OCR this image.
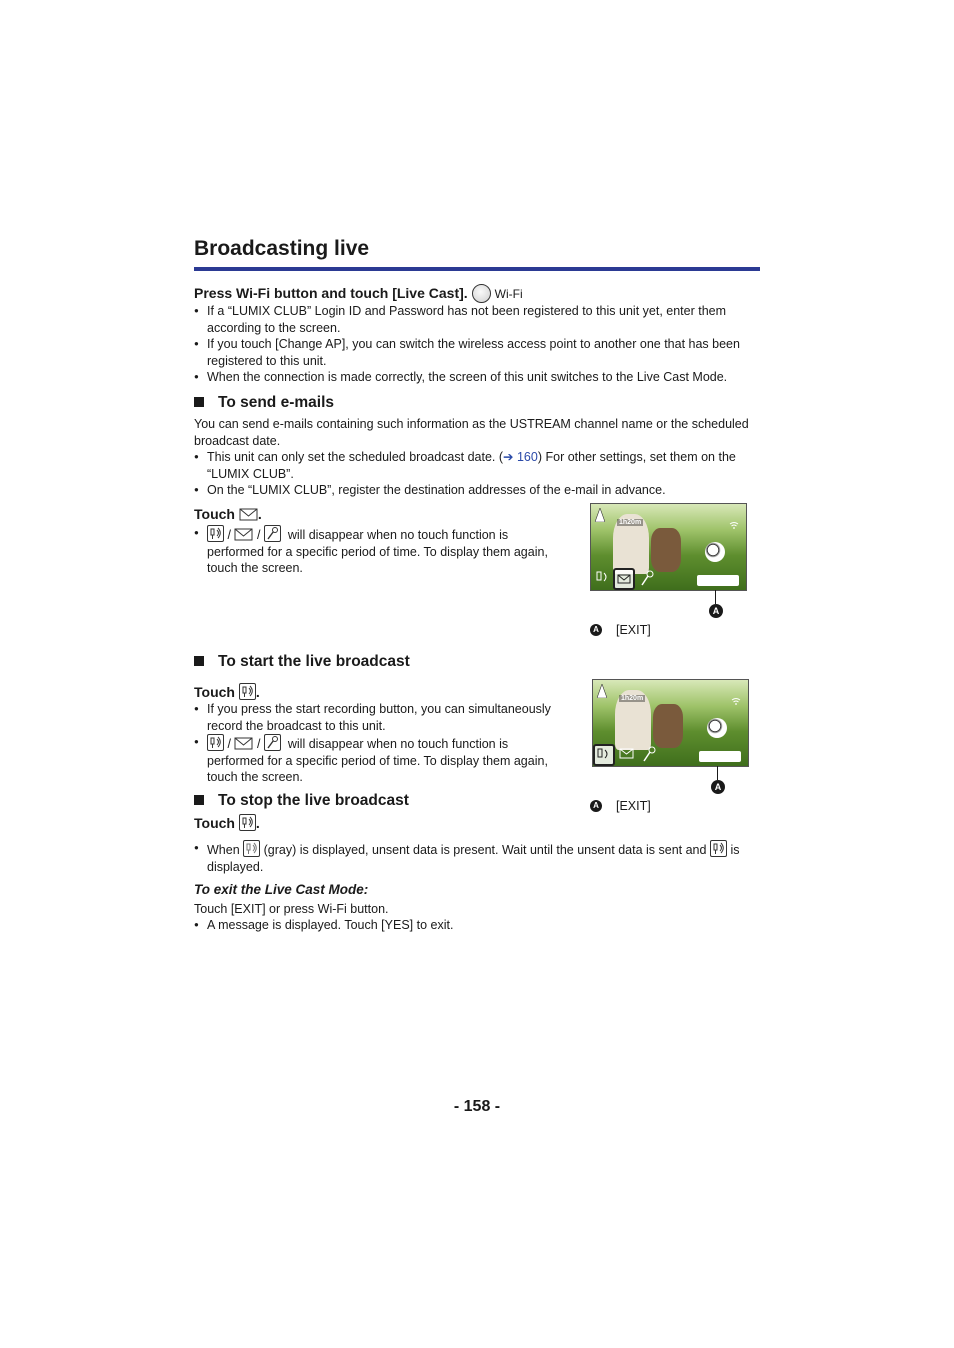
Broadcasting live
Press Wi-Fi button and touch [Live Cast]. Wi-Fi
● If a “LUMIX CLUB” Login ID and Password has not been registered to this unit yet, enter them according to the screen.
● If you touch [Change AP], you can switch the wireless access point to another one that has been registered to this unit.
● When the connection is made correctly, the screen of this unit switches to the Live Cast Mode.
To send e-mails
You can send e-mails containing such information as the USTREAM channel name or the scheduled broadcast date.
● This unit can only set the scheduled broadcast date. (➔ 160) For other settings, set them on the “LUMIX CLUB”.
● On the “LUMIX CLUB”, register the destination addresses of the e-mail in advance.
Touch .
● / / will disappear when no touch function is performed for a specific period of time. To display them again, touch the screen.
1h20m
A
A [EXIT]
To start the live broadcast
Touch .
● If you press the start recording button, you can simultaneously record the broadcast to this unit.
● / / will disappear when no touch function is performed for a specific period of time. To display them again, touch the screen.
1h20m
A
A [EXIT]
To stop the live broadcast
Touch .
● When (gray) is displayed, unsent data is present. Wait until the unsent data is sent and is displayed.
To exit the Live Cast Mode:
Touch [EXIT] or press Wi-Fi button.
● A message is displayed. Touch [YES] to exit.
- 158 -
